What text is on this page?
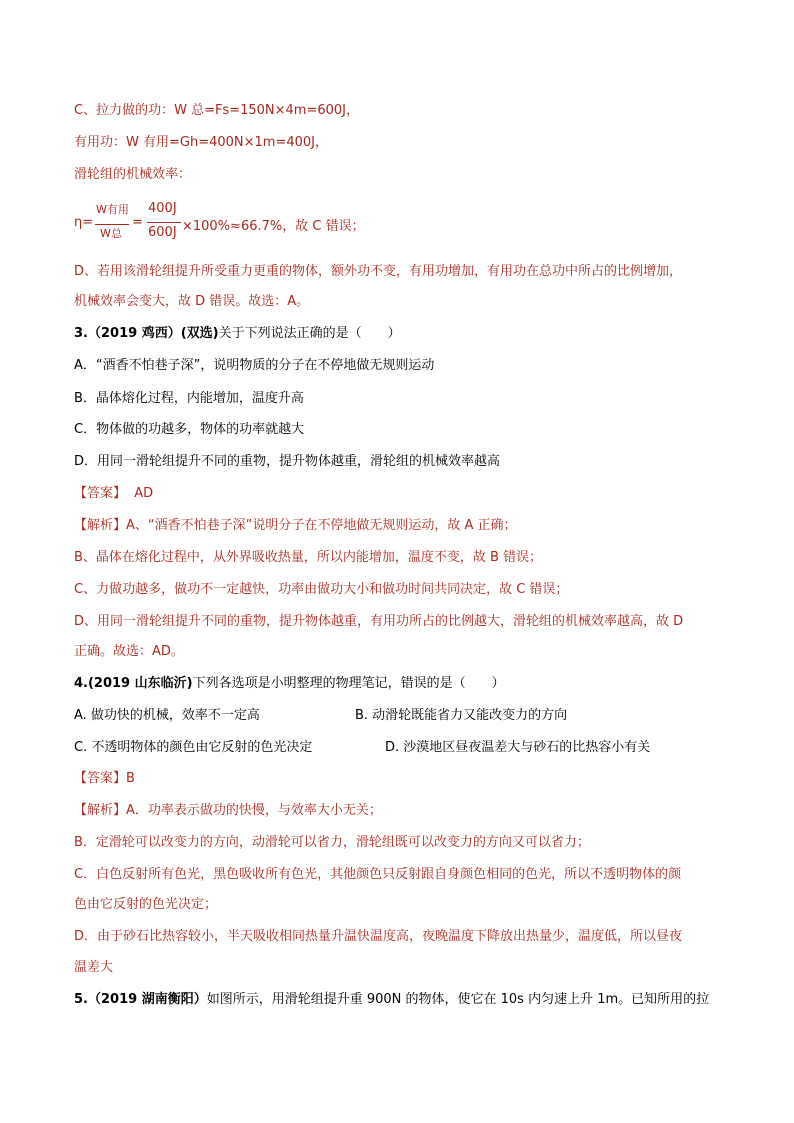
C、拉力做的功：W 总=Fs=150N×4m=600J，
有用功：W 有用=Gh=400N×1m=400J，
滑轮组的机械效率：
η=
W有用
W总
=
400J
600J ×100%≈66.7%，故 C 错误；
D、若用该滑轮组提升所受重力更重的物体，额外功不变，有用功增加，有用功在总功中所占的比例增加，
机械效率会变大，故 D 错误。故选：A。
3.（2019 鸡西）(双选)关于下列说法正确的是（　　）
A．“酒香不怕巷子深”，说明物质的分子在不停地做无规则运动
B．晶体熔化过程，内能增加，温度升高
C．物体做的功越多，物体的功率就越大
D．用同一滑轮组提升不同的重物，提升物体越重，滑轮组的机械效率越高
【答案】 AD
【解析】A、“酒香不怕巷子深”说明分子在不停地做无规则运动，故 A 正确；
B、晶体在熔化过程中，从外界吸收热量，所以内能增加，温度不变，故 B 错误；
C、力做功越多，做功不一定越快，功率由做功大小和做功时间共同决定，故 C 错误；
D、用同一滑轮组提升不同的重物，提升物体越重，有用功所占的比例越大，滑轮组的机械效率越高，故 D
正确。故选：AD。
4.(2019 山东临沂)下列各选项是小明整理的物理笔记，错误的是（　　）
A. 做功快的机械，效率不一定高	B. 动滑轮既能省力又能改变力的方向
C. 不透明物体的颜色由它反射的色光决定	D. 沙漠地区昼夜温差大与砂石的比热容小有关
【答案】B
【解析】A．功率表示做功的快慢，与效率大小无关；
B．定滑轮可以改变力的方向，动滑轮可以省力，滑轮组既可以改变力的方向又可以省力；
C．白色反射所有色光，黑色吸收所有色光，其他颜色只反射跟自身颜色相同的色光，所以不透明物体的颜
色由它反射的色光决定；
D．由于砂石比热容较小，半天吸收相同热量升温快温度高，夜晚温度下降放出热量少，温度低，所以昼夜
温差大
5.（2019 湖南衡阳）如图所示，用滑轮组提升重 900N 的物体，使它在 10s 内匀速上升 1m。已知所用的拉
